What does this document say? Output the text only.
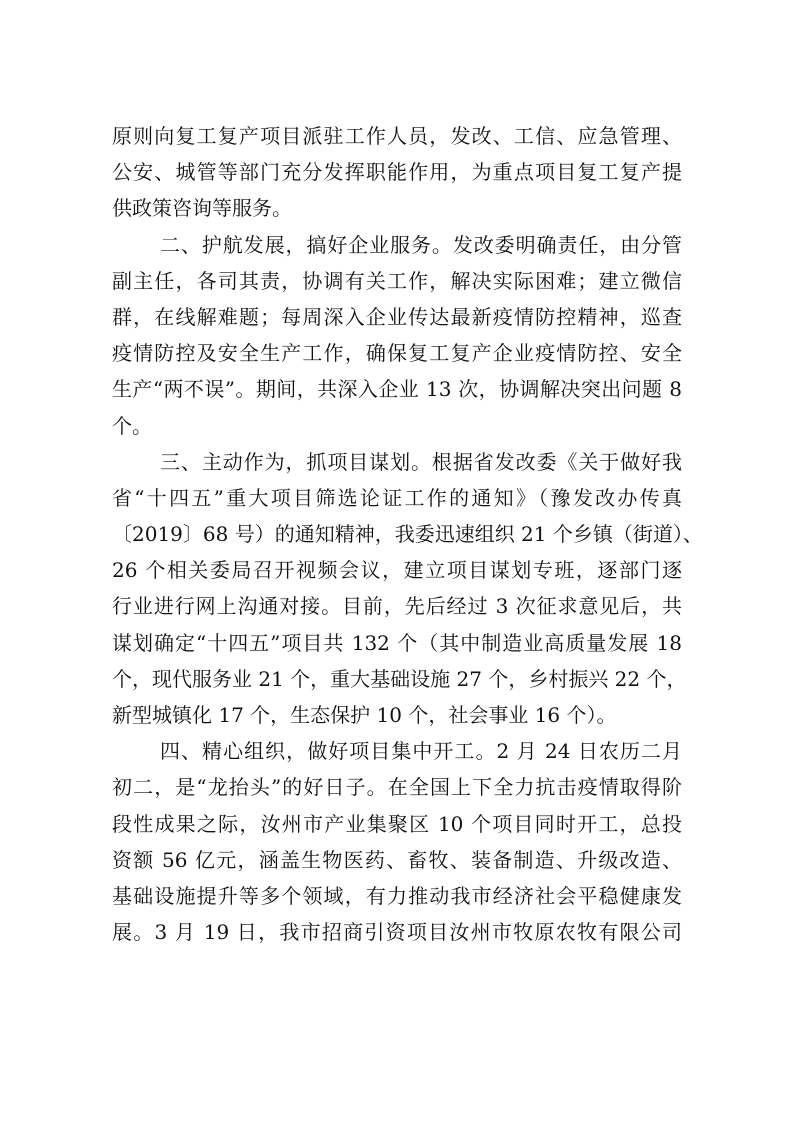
原则向复工复产项目派驻工作人员，发改、工信、应急管理、
公安、城管等部门充分发挥职能作用，为重点项目复工复产提
供政策咨询等服务。
二、护航发展，搞好企业服务。发改委明确责任，由分管
副主任，各司其责，协调有关工作，解决实际困难；建立微信
群，在线解难题；每周深入企业传达最新疫情防控精神，巡查
疫情防控及安全生产工作，确保复工复产企业疫情防控、安全
生产“两不误”。期间，共深入企业 13 次，协调解决突出问题 8
个。
三、主动作为，抓项目谋划。根据省发改委《关于做好我
省“十四五”重大项目筛选论证工作的通知》（豫发改办传真
〔2019〕68 号）的通知精神，我委迅速组织 21 个乡镇（街道）、
26 个相关委局召开视频会议，建立项目谋划专班，逐部门逐
行业进行网上沟通对接。目前，先后经过 3 次征求意见后，共
谋划确定“十四五”项目共 132 个（其中制造业高质量发展 18
个，现代服务业 21 个，重大基础设施 27 个，乡村振兴 22 个，
新型城镇化 17 个，生态保护 10 个，社会事业 16 个）。
四、精心组织，做好项目集中开工。2 月 24 日农历二月
初二，是“龙抬头”的好日子。在全国上下全力抗击疫情取得阶
段性成果之际，汝州市产业集聚区 10 个项目同时开工，总投
资额 56 亿元，涵盖生物医药、畜牧、装备制造、升级改造、
基础设施提升等多个领域，有力推动我市经济社会平稳健康发
展。3 月 19 日，我市招商引资项目汝州市牧原农牧有限公司
